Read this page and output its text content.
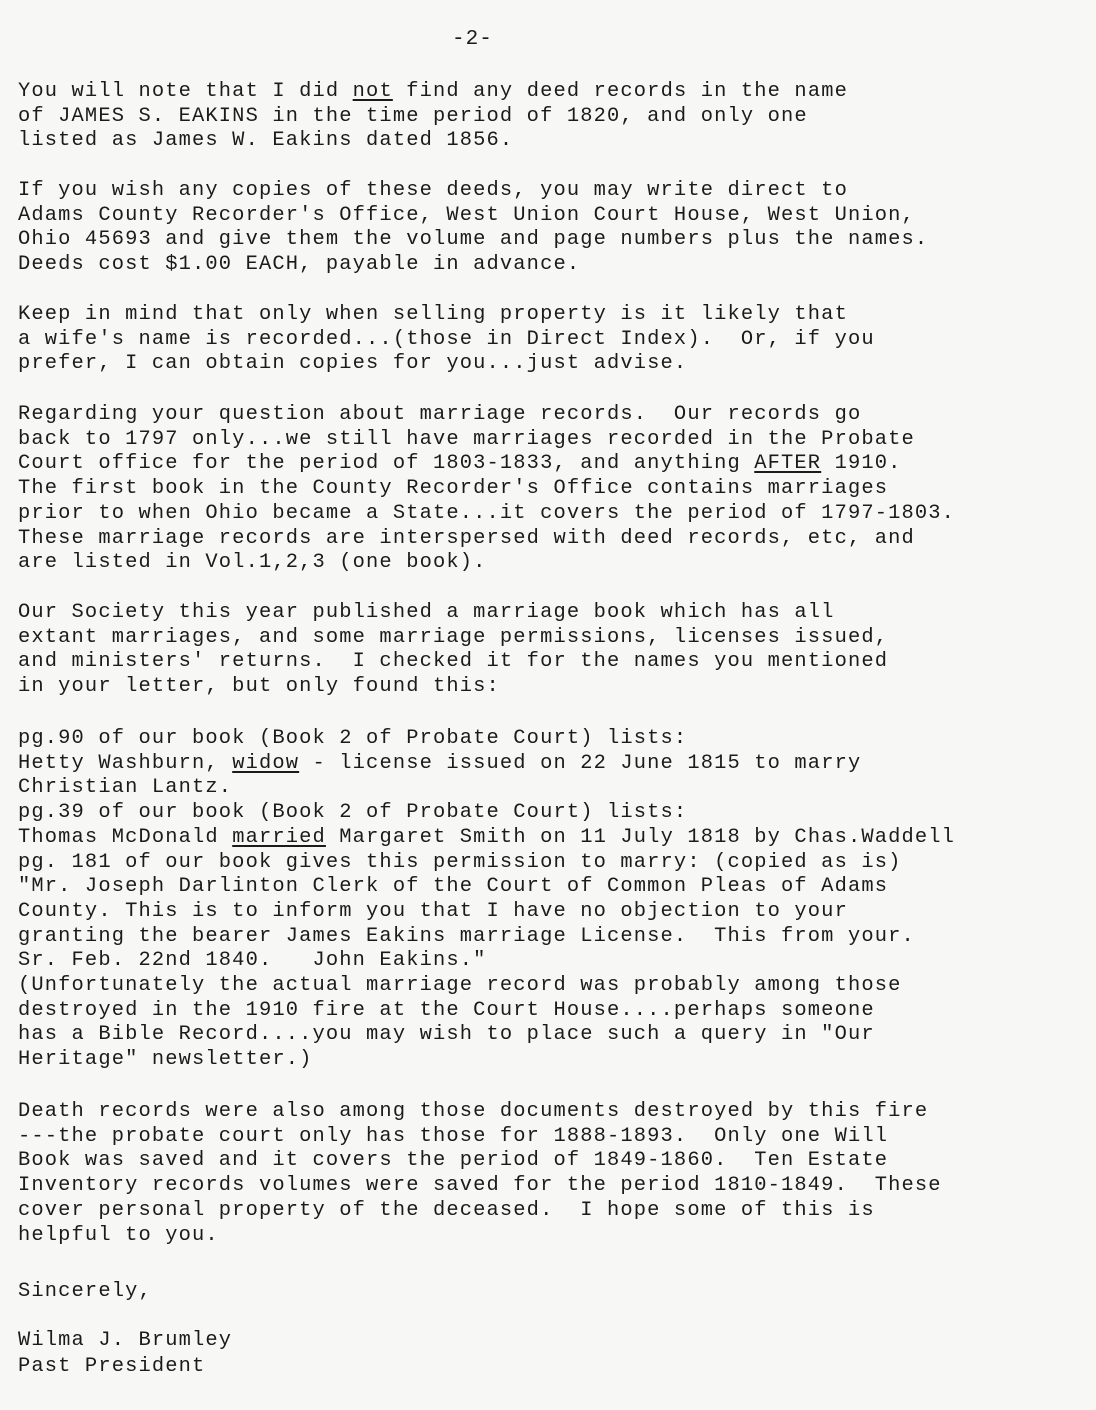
-2-
You will note that I did not find any deed records in the name
of JAMES S. EAKINS in the time period of 1820, and only one
listed as James W. Eakins dated 1856.
If you wish any copies of these deeds, you may write direct to
Adams County Recorder's Office, West Union Court House, West Union,
Ohio 45693 and give them the volume and page numbers plus the names.
Deeds cost $1.00 EACH, payable in advance.
Keep in mind that only when selling property is it likely that
a wife's name is recorded...(those in Direct Index).  Or, if you
prefer, I can obtain copies for you...just advise.
Regarding your question about marriage records.  Our records go
back to 1797 only...we still have marriages recorded in the Probate
Court office for the period of 1803-1833, and anything AFTER 1910.
The first book in the County Recorder's Office contains marriages
prior to when Ohio became a State...it covers the period of 1797-1803.
These marriage records are interspersed with deed records, etc, and
are listed in Vol.1,2,3 (one book).
Our Society this year published a marriage book which has all
extant marriages, and some marriage permissions, licenses issued,
and ministers' returns.  I checked it for the names you mentioned
in your letter, but only found this:
pg.90 of our book (Book 2 of Probate Court) lists:
Hetty Washburn, widow - license issued on 22 June 1815 to marry
Christian Lantz.
pg.39 of our book (Book 2 of Probate Court) lists:
Thomas McDonald married Margaret Smith on 11 July 1818 by Chas.Waddell
pg. 181 of our book gives this permission to marry: (copied as is)
"Mr. Joseph Darlinton Clerk of the Court of Common Pleas of Adams
County. This is to inform you that I have no objection to your
granting the bearer James Eakins marriage License.  This from your.
Sr. Feb. 22nd 1840.   John Eakins."
(Unfortunately the actual marriage record was probably among those
destroyed in the 1910 fire at the Court House....perhaps someone
has a Bible Record....you may wish to place such a query in "Our
Heritage" newsletter.)
Death records were also among those documents destroyed by this fire
---the probate court only has those for 1888-1893.  Only one Will
Book was saved and it covers the period of 1849-1860.  Ten Estate
Inventory records volumes were saved for the period 1810-1849.  These
cover personal property of the deceased.  I hope some of this is
helpful to you.
Sincerely,
Wilma J. Brumley
Past President
